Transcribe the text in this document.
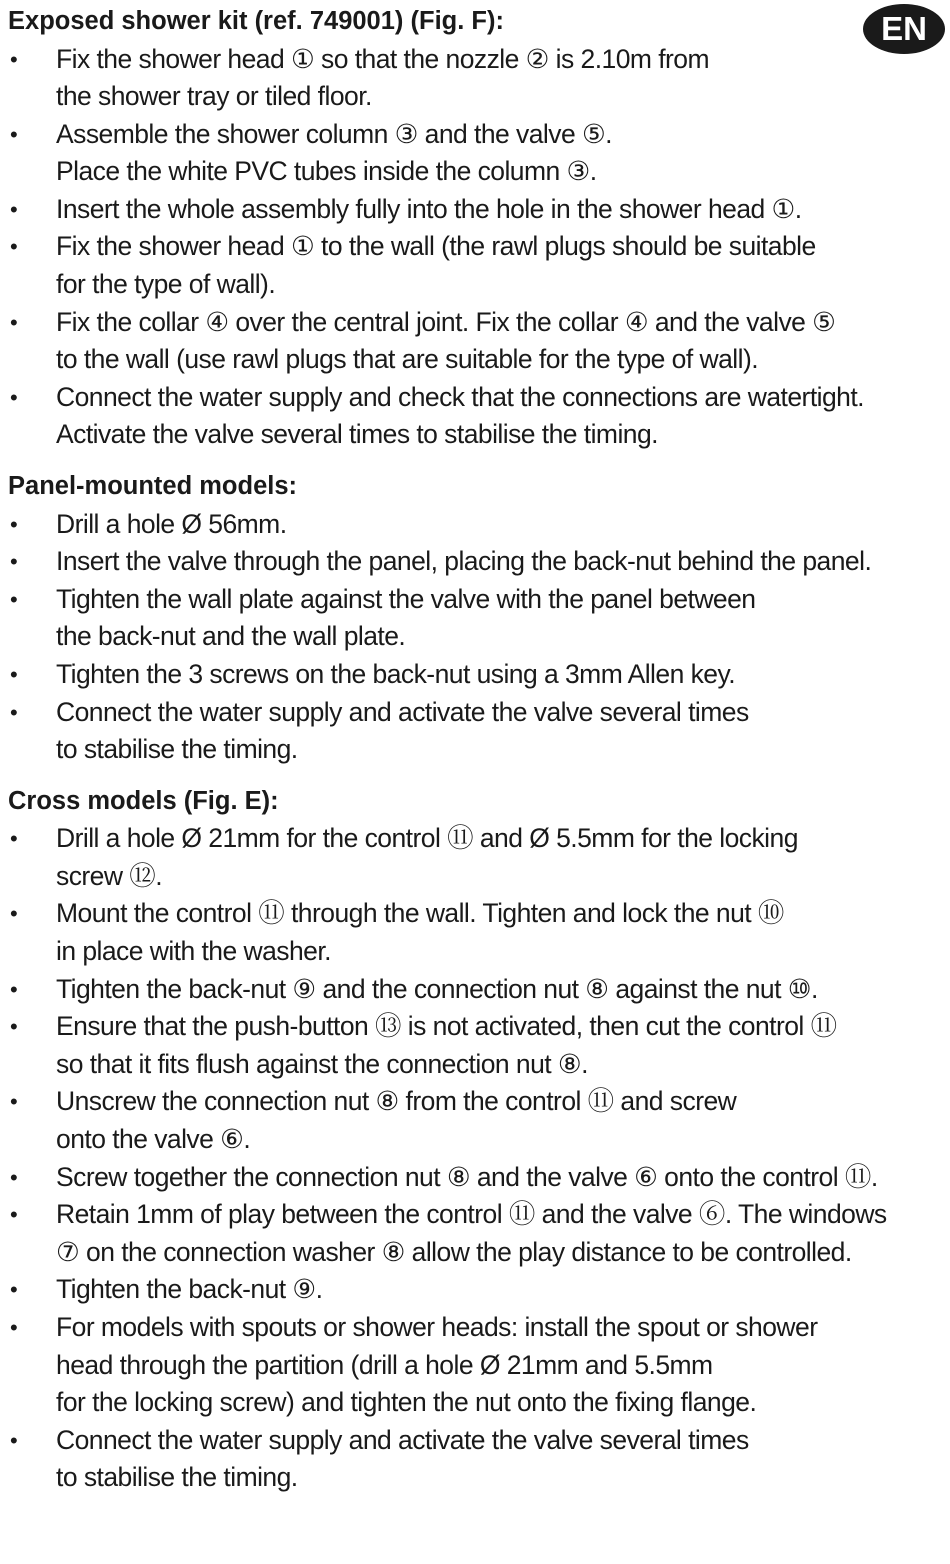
EN
Exposed shower kit (ref. 749001) (Fig. F):
• Fix the shower head ① so that the nozzle ② is 2.10m from
the shower tray or tiled floor.
• Assemble the shower column ③ and the valve ⑤.
Place the white PVC tubes inside the column ③.
• Insert the whole assembly fully into the hole in the shower head ①.
• Fix the shower head ① to the wall (the rawl plugs should be suitable
for the type of wall).
• Fix the collar ④ over the central joint. Fix the collar ④ and the valve ⑤
to the wall (use rawl plugs that are suitable for the type of wall).
• Connect the water supply and check that the connections are watertight.
Activate the valve several times to stabilise the timing.
Panel-mounted models:
• Drill a hole Ø 56mm.
• Insert the valve through the panel, placing the back-nut behind the panel.
• Tighten the wall plate against the valve with the panel between
the back-nut and the wall plate.
• Tighten the 3 screws on the back-nut using a 3mm Allen key.
• Connect the water supply and activate the valve several times
to stabilise the timing.
Cross models (Fig. E):
• Drill a hole Ø 21mm for the control ⑪ and Ø 5.5mm for the locking
screw ⑫.
• Mount the control ⑪ through the wall. Tighten and lock the nut ⑩
in place with the washer.
• Tighten the back-nut ⑨ and the connection nut ⑧ against the nut ⑩.
• Ensure that the push-button ⑬ is not activated, then cut the control ⑪
so that it fits flush against the connection nut ⑧.
• Unscrew the connection nut ⑧ from the control ⑪ and screw
onto the valve ⑥.
• Screw together the connection nut ⑧ and the valve ⑥ onto the control ⑪.
• Retain 1mm of play between the control ⑪ and the valve ⑥. The windows
⑦ on the connection washer ⑧ allow the play distance to be controlled.
• Tighten the back-nut ⑨.
• For models with spouts or shower heads: install the spout or shower
head through the partition (drill a hole Ø 21mm and 5.5mm
for the locking screw) and tighten the nut onto the fixing flange.
• Connect the water supply and activate the valve several times
to stabilise the timing.
